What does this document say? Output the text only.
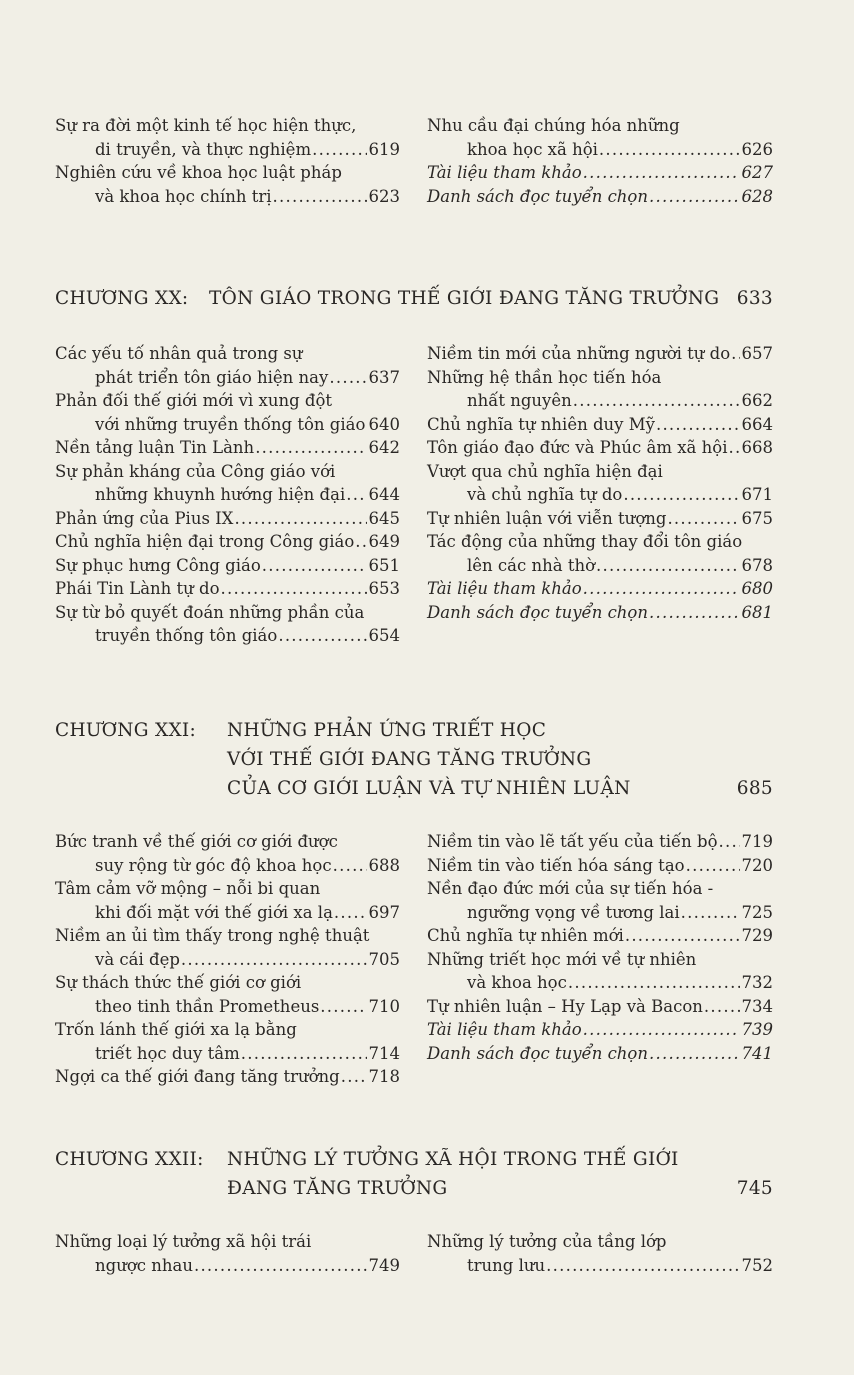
Sự ra đời một kinh tế học hiện thực,
di truyền, và thực nghiệm . . .	619
Nghiên cứu về khoa học luật pháp
và khoa học chính trị . . .	623
Nhu cầu đại chúng hóa những
khoa học xã hội . . .	626
Tài liệu tham khảo . . .	627
Danh sách đọc tuyển chọn . . .	628
CHƯƠNG XX: TÔN GIÁO TRONG THẾ GIỚI ĐANG TĂNG TRƯỞNG 633
Các yếu tố nhân quả trong sự
phát triển tôn giáo hiện nay . . . 637
Phản đối thế giới mới vì xung đột
với những truyền thống tôn giáo . . . 640
Nền tảng luận Tin Lành . . .	642
Sự phản kháng của Công giáo với
những khuynh hướng hiện đại . . . 644
Phản ứng của Pius IX . . .	645
Chủ nghĩa hiện đại trong Công giáo . . . 649
Sự phục hưng Công giáo . . .	651
Phái Tin Lành tự do . . .	653
Sự từ bỏ quyết đoán những phần của
truyền thống tôn giáo . . .	654
Niềm tin mới của những người tự do . . . 657
Những hệ thần học tiến hóa
nhất nguyên . . .	662
Chủ nghĩa tự nhiên duy Mỹ . . .	664
Tôn giáo đạo đức và Phúc âm xã hội . . . 668
Vượt qua chủ nghĩa hiện đại
và chủ nghĩa tự do . . .	671
Tự nhiên luận với viễn tượng . . .	675
Tác động của những thay đổi tôn giáo
lên các nhà thờ . . .	678
Tài liệu tham khảo . . .	680
Danh sách đọc tuyển chọn . . .	681
CHƯƠNG XXI: NHỮNG PHẢN ỨNG TRIẾT HỌC
VỚI THẾ GIỚI ĐANG TĂNG TRƯỞNG
CỦA CƠ GIỚI LUẬN VÀ TỰ NHIÊN LUẬN	685
Bức tranh về thế giới cơ giới được
suy rộng từ góc độ khoa học . . . 688
Tâm cảm vỡ mộng – nỗi bi quan
khi đối mặt với thế giới xa lạ . . . 697
Niềm an ủi tìm thấy trong nghệ thuật
và cái đẹp . . .	705
Sự thách thức thế giới cơ giới
theo tinh thần Prometheus . . .	710
Trốn lánh thế giới xa lạ bằng
triết học duy tâm . . .	714
Ngợi ca thế giới đang tăng trưởng . . . 718
Niềm tin vào lẽ tất yếu của tiến bộ . . . 719
Niềm tin vào tiến hóa sáng tạo . . .	720
Nền đạo đức mới của sự tiến hóa -
ngưỡng vọng về tương lai . . .	725
Chủ nghĩa tự nhiên mới . . .	729
Những triết học mới về tự nhiên
và khoa học . . .	732
Tự nhiên luận – Hy Lạp và Bacon . . . 734
Tài liệu tham khảo . . .	739
Danh sách đọc tuyển chọn . . .	741
CHƯƠNG XXII: NHỮNG LÝ TƯỞNG XÃ HỘI TRONG THẾ GIỚI
ĐANG TĂNG TRƯỞNG	745
Những loại lý tưởng xã hội trái
ngược nhau . . .	749
Những lý tưởng của tầng lớp
trung lưu . . .	752
